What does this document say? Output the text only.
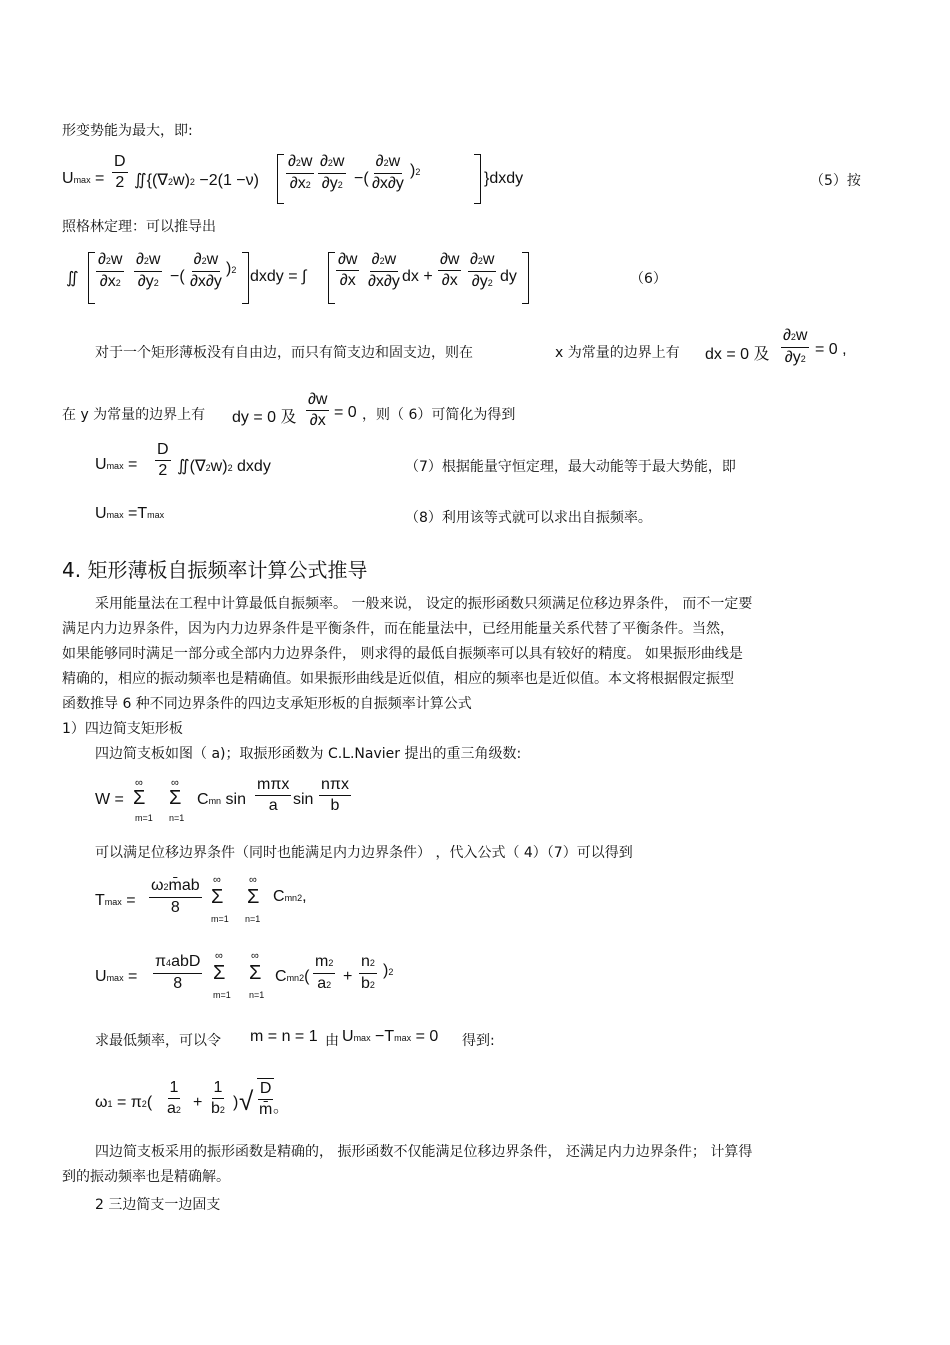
形变势能为最大，即:
$Umax = \frac{D}{2}$ ∬{(∇2w)2 $-2(1 -\nu) \frac{\partial 2w}{\partial x2} \frac{\partial 2w}{\partial y2}$ −( $\frac{\partial 2w}{\partial x\partial y} )2$	}dxdy	（5）按
照格林定理：可以推导出
∬ $\frac{\partial 2w}{\partial x2} \frac{\partial 2w}{\partial y2}$ −( $\frac{\partial 2w}{\partial x\partial y} )2$ dxdy = ∫ $\frac{\partial w}{\partial x} \frac{\partial 2w}{\partial x\partial y}$ dx + $\frac{\partial w}{\partial x} \frac{\partial 2w}{\partial y2}$ dy	（6）
对于一个矩形薄板没有自由边，而只有简支边和固支边，则在	x 为常量的边界上有 dx = 0 及 $\frac{\partial 2w}{\partial y2} = 0$ ,
在 y 为常量的边界上有 dy = 0 及 $\frac{\partial w}{\partial x} = 0$ ，则（ 6）可简化为得到
$Umax = \frac{D}{2}$ ∬(∇2w)2 dxdy	（7）根据能量守恒定理，最大动能等于最大势能，即
Umax =Tmax	（8）利用该等式就可以求出自振频率。
4. 矩形薄板自振频率计算公式推导
采用能量法在工程中计算最低自振频率。 一般来说， 设定的振形函数只须满足位移边界条件， 而不一定要
满足内力边界条件，因为内力边界条件是平衡条件，而在能量法中，已经用能量关系代替了平衡条件。当然，
如果能够同时满足一部分或全部内力边界条件， 则求得的最低自振频率可以具有较好的精度。 如果振形曲线是
精确的，相应的振动频率也是精确值。如果振形曲线是近似值，相应的频率也是近似值。本文将根据假定振型
函数推导 6 种不同边界条件的四边支承矩形板的自振频率计算公式
1）四边简支矩形板
四边简支板如图（ a)；取振形函数为 C.L.Navier 提出的重三角级数:
W =
∞
Σ
m=1
∞
Σ
n=1
Cmn sin
mπx
a sin
nπx
b
可以满足位移边界条件（同时也能满足内力边界条件） ，代入公式（ 4）（7）可以得到
$Tmax = \frac{\omega 2m̄ab}{8}$ ∞
Σ
m=1
∞
Σ
n=1
Cmn2,
Umax =
π4abD
8
∞
Σ
m=1
∞
Σ
n=1
$Cmn2( \frac{m2}{a2} + \frac{n2}{b2} )2$
求最低频率，可以令 m = n = 1 由 Umax −Tmax = 0 得到:
$\omega 1 = \pi 2( \frac{1}{a2} + \frac{1}{b2}$ ) √ $\frac{D}{m̄}$
。
四边简支板采用的振形函数是精确的， 振形函数不仅能满足位移边界条件， 还满足内力边界条件； 计算得
到的振动频率也是精确解。
2 三边简支一边固支
